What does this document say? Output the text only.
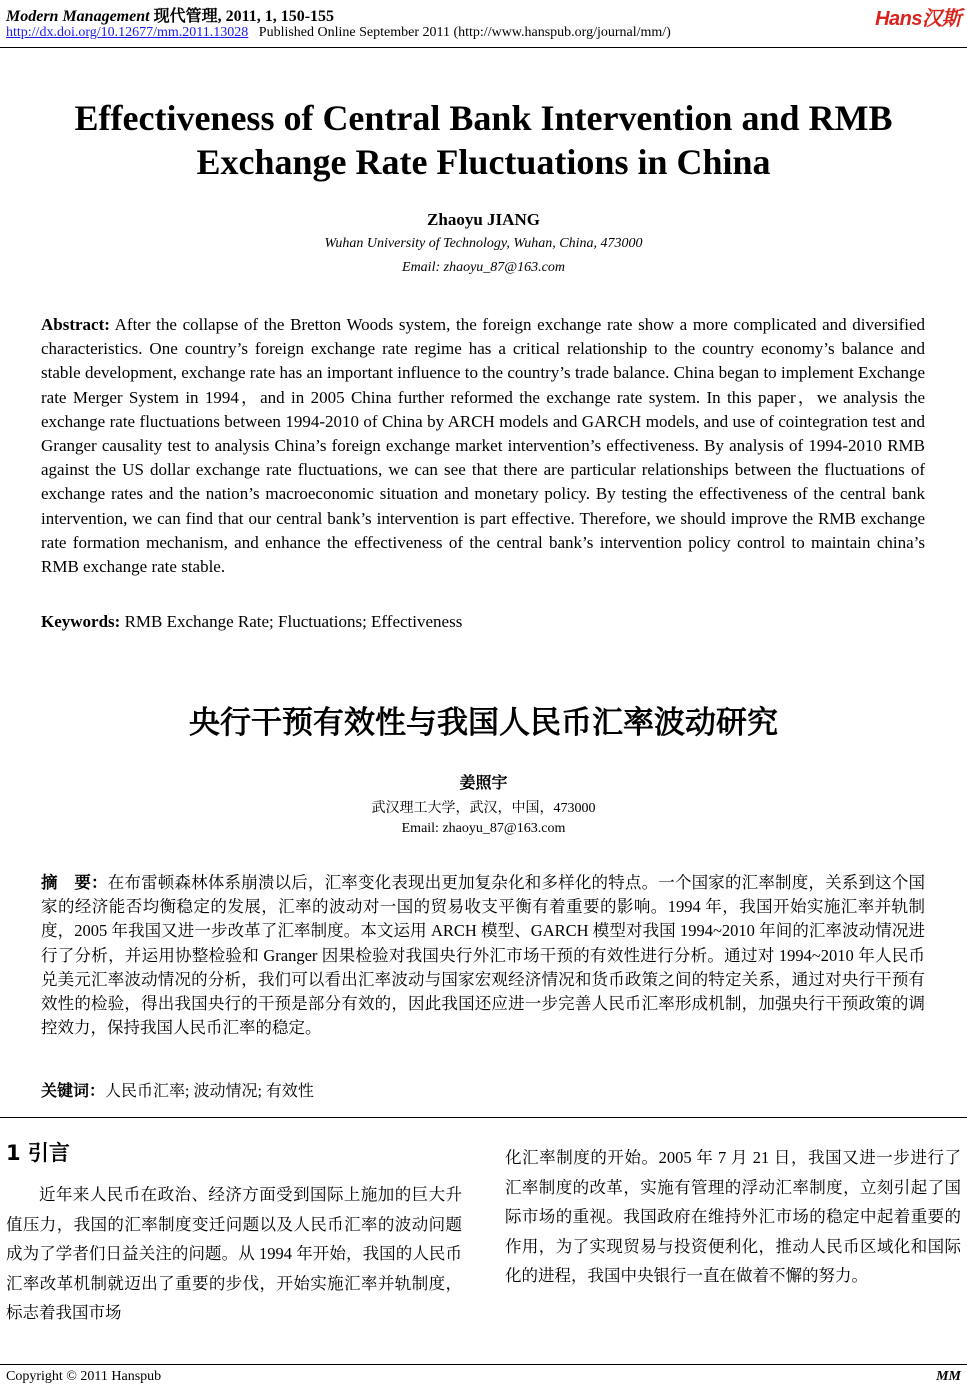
Modern Management 现代管理, 2011, 1, 150-155
http://dx.doi.org/10.12677/mm.2011.13028 Published Online September 2011 (http://www.hanspub.org/journal/mm/)
Hans汉斯
Effectiveness of Central Bank Intervention and RMB Exchange Rate Fluctuations in China
Zhaoyu JIANG
Wuhan University of Technology, Wuhan, China, 473000
Email: zhaoyu_87@163.com
Abstract: After the collapse of the Bretton Woods system, the foreign exchange rate show a more complicated and diversified characteristics. One country’s foreign exchange rate regime has a critical relationship to the country economy’s balance and stable development, exchange rate has an important influence to the country’s trade balance. China began to implement Exchange rate Merger System in 1994，and in 2005 China further reformed the exchange rate system. In this paper，we analysis the exchange rate fluctuations between 1994-2010 of China by ARCH models and GARCH models, and use of cointegration test and Granger causality test to analysis China’s foreign exchange market intervention’s effectiveness. By analysis of 1994-2010 RMB against the US dollar exchange rate fluctuations, we can see that there are particular relationships between the fluctuations of exchange rates and the nation’s macroeconomic situation and monetary policy. By testing the effectiveness of the central bank intervention, we can find that our central bank’s intervention is part effective. Therefore, we should improve the RMB exchange rate formation mechanism, and enhance the effectiveness of the central bank’s intervention policy control to maintain china’s RMB exchange rate stable.
Keywords: RMB Exchange Rate; Fluctuations; Effectiveness
央行干预有效性与我国人民币汇率波动研究
姜照宇
武汉理工大学，武汉，中国，473000
Email: zhaoyu_87@163.com
摘　要：在布雷顿森林体系崩溃以后，汇率变化表现出更加复杂化和多样化的特点。一个国家的汇率制度，关系到这个国家的经济能否均衡稳定的发展，汇率的波动对一国的贸易收支平衡有着重要的影响。1994 年，我国开始实施汇率并轨制度，2005 年我国又进一步改革了汇率制度。本文运用 ARCH 模型、GARCH 模型对我国 1994~2010 年间的汇率波动情况进行了分析，并运用协整检验和 Granger 因果检验对我国央行外汇市场干预的有效性进行分析。通过对 1994~2010 年人民币兑美元汇率波动情况的分析，我们可以看出汇率波动与国家宏观经济情况和货币政策之间的特定关系，通过对央行干预有效性的检验，得出我国央行的干预是部分有效的，因此我国还应进一步完善人民币汇率形成机制，加强央行干预政策的调控效力，保持我国人民币汇率的稳定。
关键词：人民币汇率; 波动情况; 有效性
1 引言

近年来人民币在政治、经济方面受到国际上施加的巨大升值压力，我国的汇率制度变迁问题以及人民币汇率的波动问题成为了学者们日益关注的问题。从 1994 年开始，我国的人民币汇率改革机制就迈出了重要的步伐，开始实施汇率并轨制度，标志着我国市场

化汇率制度的开始。2005 年 7 月 21 日，我国又进一步进行了汇率制度的改革，实施有管理的浮动汇率制度，立刻引起了国际市场的重视。我国政府在维持外汇市场的稳定中起着重要的作用，为了实现贸易与投资便利化，推动人民币区域化和国际化的进程，我国中央银行一直在做着不懈的努力。

Copyright © 2011 Hanspub	MM
